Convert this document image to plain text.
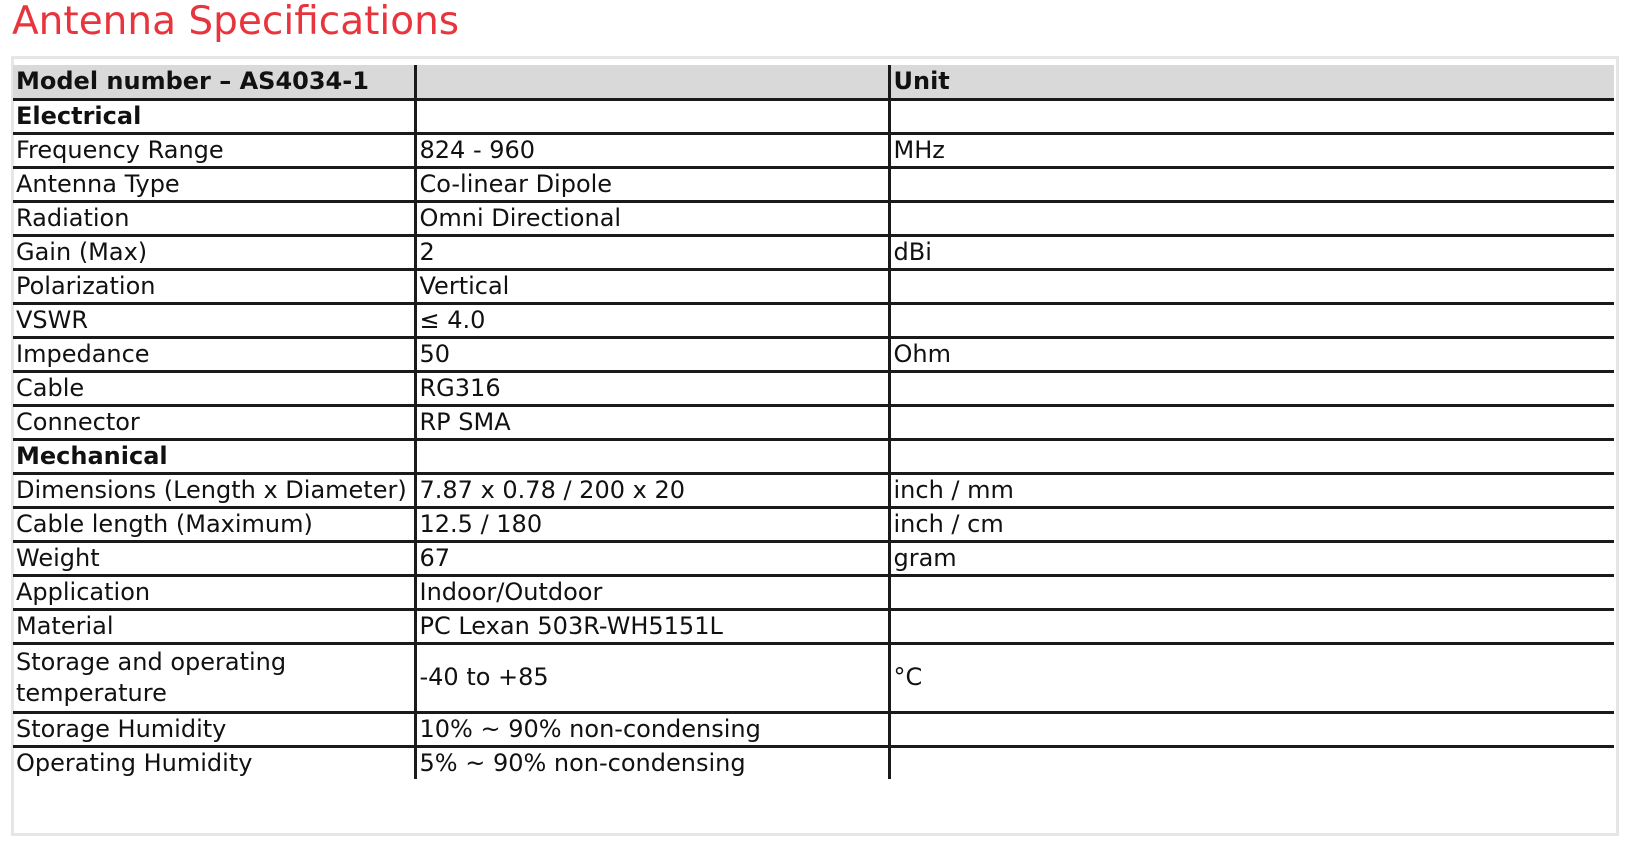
Antenna Specifications
Model number – AS4034-1		Unit
Electrical		
Frequency Range	824 - 960	MHz
Antenna Type	Co-linear Dipole	
Radiation	Omni Directional	
Gain (Max)	2	dBi
Polarization	Vertical	
VSWR	≤ 4.0	
Impedance	50	Ohm
Cable	RG316	
Connector	RP SMA	
Mechanical		
Dimensions (Length x Diameter)	7.87 x 0.78 / 200 x 20	inch / mm
Cable length (Maximum)	12.5 / 180	inch / cm
Weight	67	gram
Application	Indoor/Outdoor	
Material	PC Lexan 503R-WH5151L	
Storage and operating temperature	-40 to +85	°C
Storage Humidity	10% ~ 90% non-condensing	
Operating Humidity	5% ~ 90% non-condensing	
